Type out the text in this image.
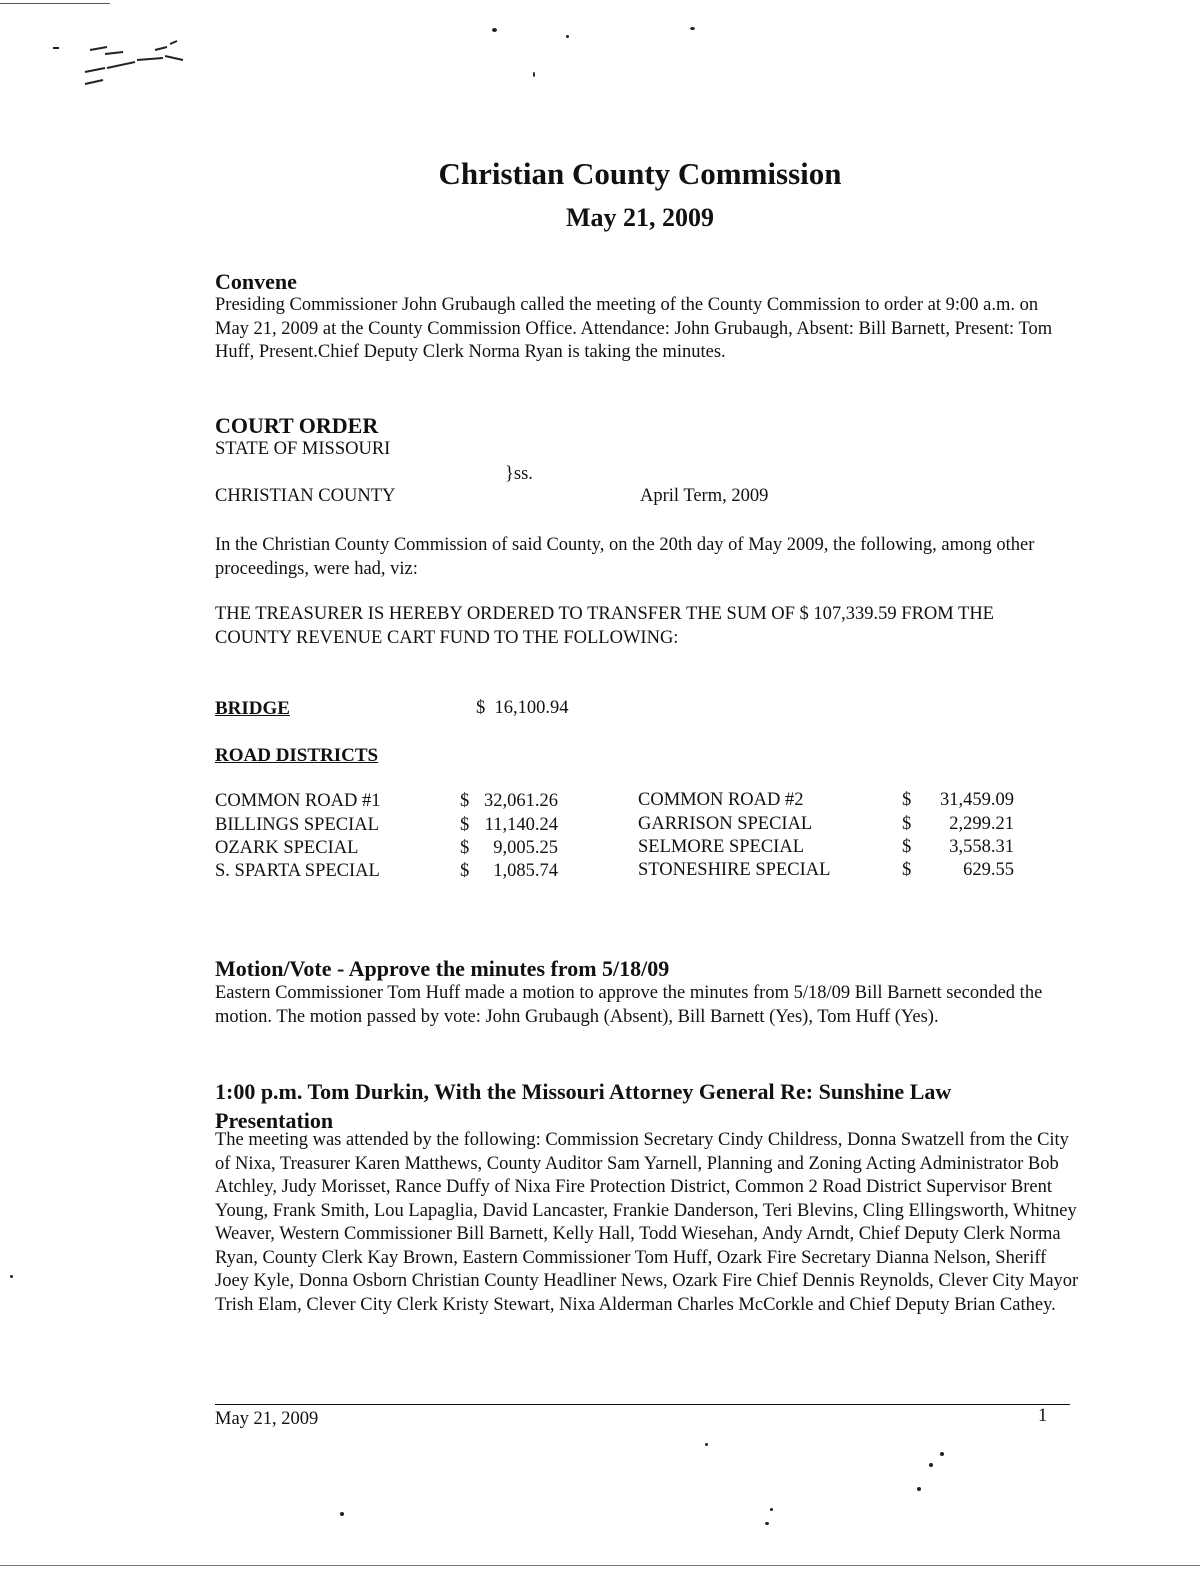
Christian County Commission
May 21, 2009
Convene
Presiding Commissioner John Grubaugh called the meeting of the County Commission to order at 9:00 a.m. on May 21, 2009 at the County Commission Office. Attendance: John Grubaugh, Absent: Bill Barnett, Present: Tom Huff, Present.Chief Deputy Clerk Norma Ryan is taking the minutes.
COURT ORDER
STATE OF MISSOURI
}ss.
CHRISTIAN COUNTY	April Term, 2009
In the Christian County Commission of said County, on the 20th day of May 2009, the following, among other proceedings, were had, viz:
THE TREASURER IS HEREBY ORDERED TO TRANSFER THE SUM OF $ 107,339.59 FROM THE COUNTY REVENUE CART FUND TO THE FOLLOWING:
BRIDGE	$  16,100.94
ROAD DISTRICTS
COMMON ROAD #1	$ 32,061.26
BILLINGS SPECIAL	$ 11,140.24
OZARK SPECIAL	$	9,005.25
S. SPARTA SPECIAL	$	1,085.74
COMMON ROAD #2	$	31,459.09
GARRISON SPECIAL	$	2,299.21
SELMORE SPECIAL	$	3,558.31
STONESHIRE SPECIAL	$	629.55
Motion/Vote - Approve the minutes from 5/18/09
Eastern Commissioner Tom Huff made a motion to approve the minutes from 5/18/09 Bill Barnett seconded the motion. The motion passed by vote: John Grubaugh (Absent), Bill Barnett (Yes), Tom Huff (Yes).
1:00 p.m. Tom Durkin, With the Missouri Attorney General Re: Sunshine Law Presentation
The meeting was attended by the following: Commission Secretary Cindy Childress, Donna Swatzell from the City of Nixa, Treasurer Karen Matthews, County Auditor Sam Yarnell, Planning and Zoning Acting Administrator Bob Atchley, Judy Morisset, Rance Duffy of Nixa Fire Protection District, Common 2 Road District Supervisor Brent Young, Frank Smith, Lou Lapaglia, David Lancaster, Frankie Danderson, Teri Blevins, Cling Ellingsworth, Whitney Weaver, Western Commissioner Bill Barnett, Kelly Hall, Todd Wiesehan, Andy Arndt, Chief Deputy Clerk Norma Ryan, County Clerk Kay Brown, Eastern Commissioner Tom Huff, Ozark Fire Secretary Dianna Nelson, Sheriff Joey Kyle, Donna Osborn Christian County Headliner News, Ozark Fire Chief Dennis Reynolds, Clever City Mayor Trish Elam, Clever City Clerk Kristy Stewart, Nixa Alderman Charles McCorkle and Chief Deputy Brian Cathey.
May 21, 2009	1
